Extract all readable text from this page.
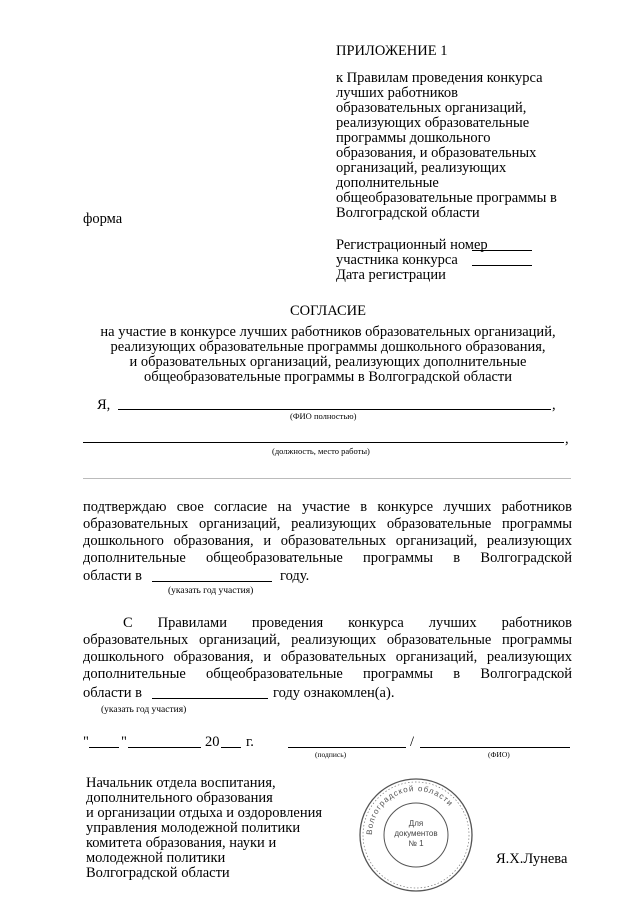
ПРИЛОЖЕНИЕ 1
к Правилам проведения конкурса
лучших работников
образовательных организаций,
реализующих образовательные
программы дошкольного
образования, и образовательных
организаций, реализующих
дополнительные
общеобразовательные программы в
Волгоградской области
форма
Регистрационный номер
участника конкурса
Дата регистрации
СОГЛАСИЕ
на участие в конкурсе лучших работников образовательных организаций,
реализующих образовательные программы дошкольного образования,
и образовательных организаций, реализующих дополнительные
общеобразовательные программы в Волгоградской области
Я,	,
(ФИО полностью)
,
(должность, место работы)
подтверждаю свое согласие на участие в конкурсе лучших работников
образовательных организаций, реализующих образовательные программы
дошкольного образования, и образовательных организаций, реализующих
дополнительные общеобразовательные программы в Волгоградской
области в	году.
(указать год участия)
С Правилами проведения конкурса лучших работников
образовательных организаций, реализующих образовательные программы
дошкольного образования, и образовательных организаций, реализующих
дополнительные общеобразовательные программы в Волгоградской
области в	году ознакомлен(а).
(указать год участия)
" "	20 г.	/
(подпись)	(ФИО)
Начальник отдела воспитания,
дополнительного образования
и организации отдыха и оздоровления
управления молодежной политики
комитета образования, науки и
молодежной политики
Волгоградской области
Я.Х.Лунева
Волгоградской области
Для
документов
№ 1
